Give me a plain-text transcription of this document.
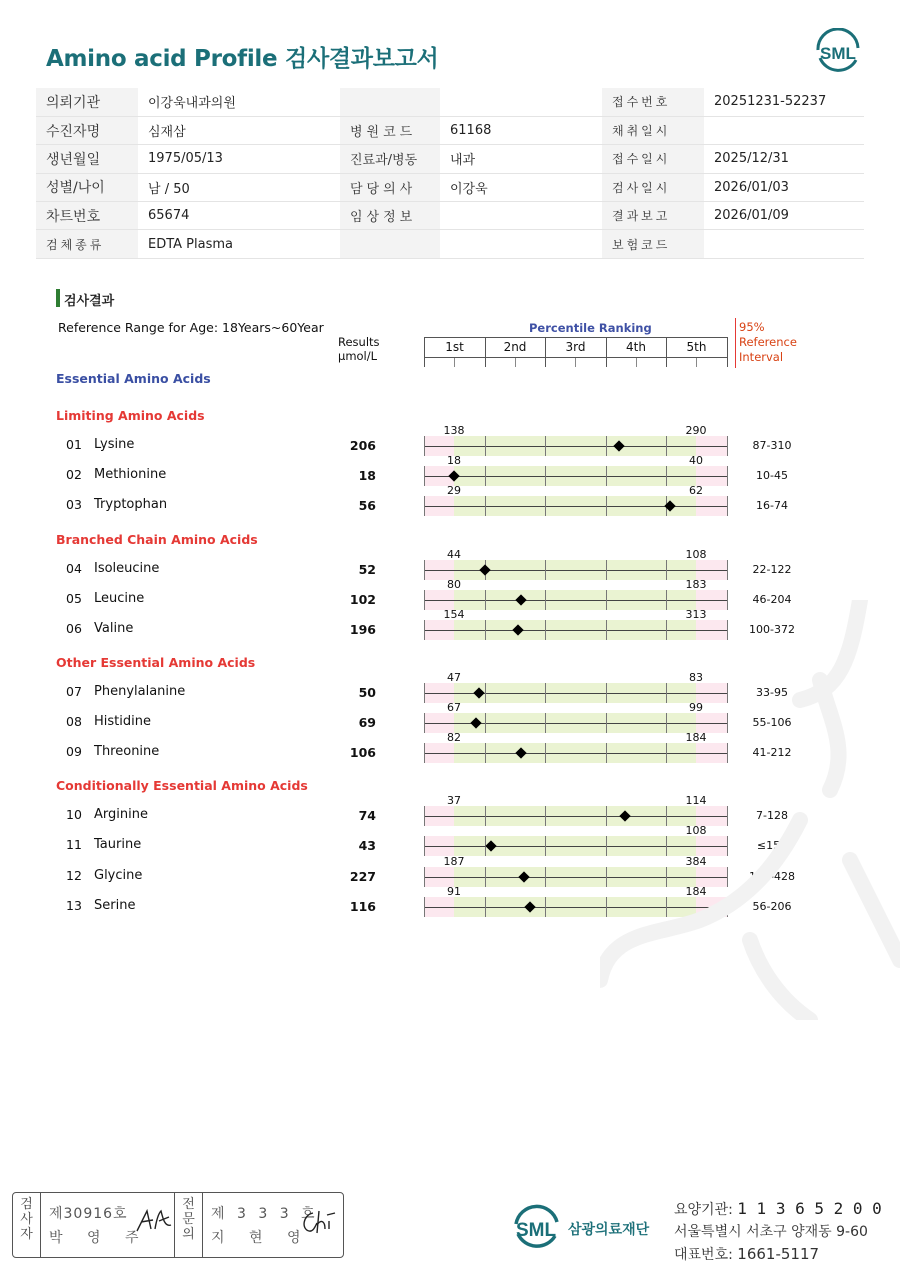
Amino acid Profile 검사결과보고서	SML
의뢰기관	이강욱내과의원			접수번호	20251231-52237
수진자명	심재삼	병원코드	61168	채취일시	
생년월일	1975/05/13	진료과/병동	내과	접수일시	2025/12/31
성별/나이	남 / 50	담당의사	이강욱	검사일시	2026/01/03
차트번호	65674	임상정보		결과보고	2026/01/09
검체종류	EDTA Plasma			보험코드	
검사결과
Reference Range for Age: 18Years~60Year
Results
μmol/L
Percentile Ranking	95%
Reference
Interval
1st	2nd	3rd	4th	5th
Essential Amino Acids
Limiting Amino Acids
Branched Chain Amino Acids
Other Essential Amino Acids
Conditionally Essential Amino Acids
01 Lysine	206	87-310
138	290
02 Methionine	18	10-45
18	40
03 Tryptophan	56	16-74
29	62
04 Isoleucine	52	22-122
44	108
05 Leucine	102	46-204
80	183
06 Valine	196	100-372
154	313
07 Phenylalanine	50	33-95
47	83
08 Histidine	69	55-106
67	99
09 Threonine	106	41-212
82	184
10 Arginine	74	7-128
37	114
11 Taurine	43	≤151
108
12 Glycine	227	114-428
187	384
13 Serine	116	56-206
91	184
검
사
자
제30916호
박 영 주
전
문
의
제 3 3 3 호
지 현 영	SML 삼광의료재단
요양기관: 1 1 3 6 5 2 0 0
서울특별시 서초구 양재동 9-60
대표번호: 1661-5117
